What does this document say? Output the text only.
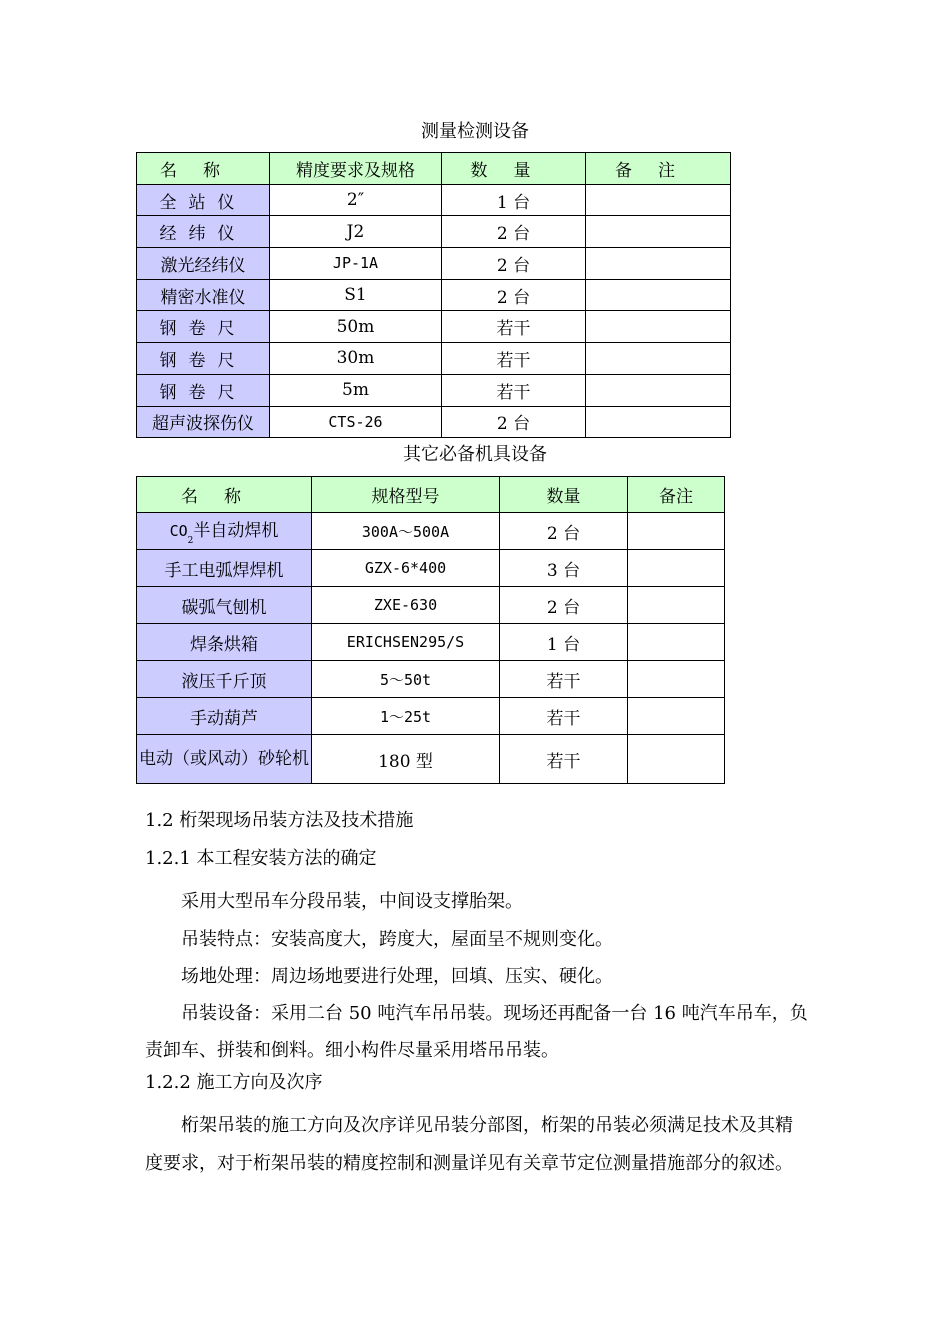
测量检测设备
名称	精度要求及规格	数量	备注
全站仪	2″	1 台	
经纬仪	J2	2 台	
激光经纬仪	JP-1A	2 台	
精密水准仪	S1	2 台	
钢卷尺	50m	若干	
钢卷尺	30m	若干	
钢卷尺	5m	若干	
超声波探伤仪	CTS-26	2 台	
其它必备机具设备
名称	规格型号	数量	备注
$CO_2$半自动焊机	300A～500A	2 台	
手工电弧焊焊机	GZX-6*400	3 台	
碳弧气刨机	ZXE-630	2 台	
焊条烘箱	ERICHSEN295/S	1 台	
液压千斤顶	5～50t	若干	
手动葫芦	1～25t	若干	
电动（或风动）砂轮机	180 型	若干	

1.2 桁架现场吊装方法及技术措施

1.2.1 本工程安装方法的确定

采用大型吊车分段吊装，中间设支撑胎架。

吊装特点：安装高度大，跨度大，屋面呈不规则变化。

场地处理：周边场地要进行处理，回填、压实、硬化。

吊装设备：采用二台 50 吨汽车吊吊装。现场还再配备一台 16 吨汽车吊车，负责卸车、拼装和倒料。细小构件尽量采用塔吊吊装。

1.2.2 施工方向及次序

桁架吊装的施工方向及次序详见吊装分部图，桁架的吊装必须满足技术及其精度要求，对于桁架吊装的精度控制和测量详见有关章节定位测量措施部分的叙述。
